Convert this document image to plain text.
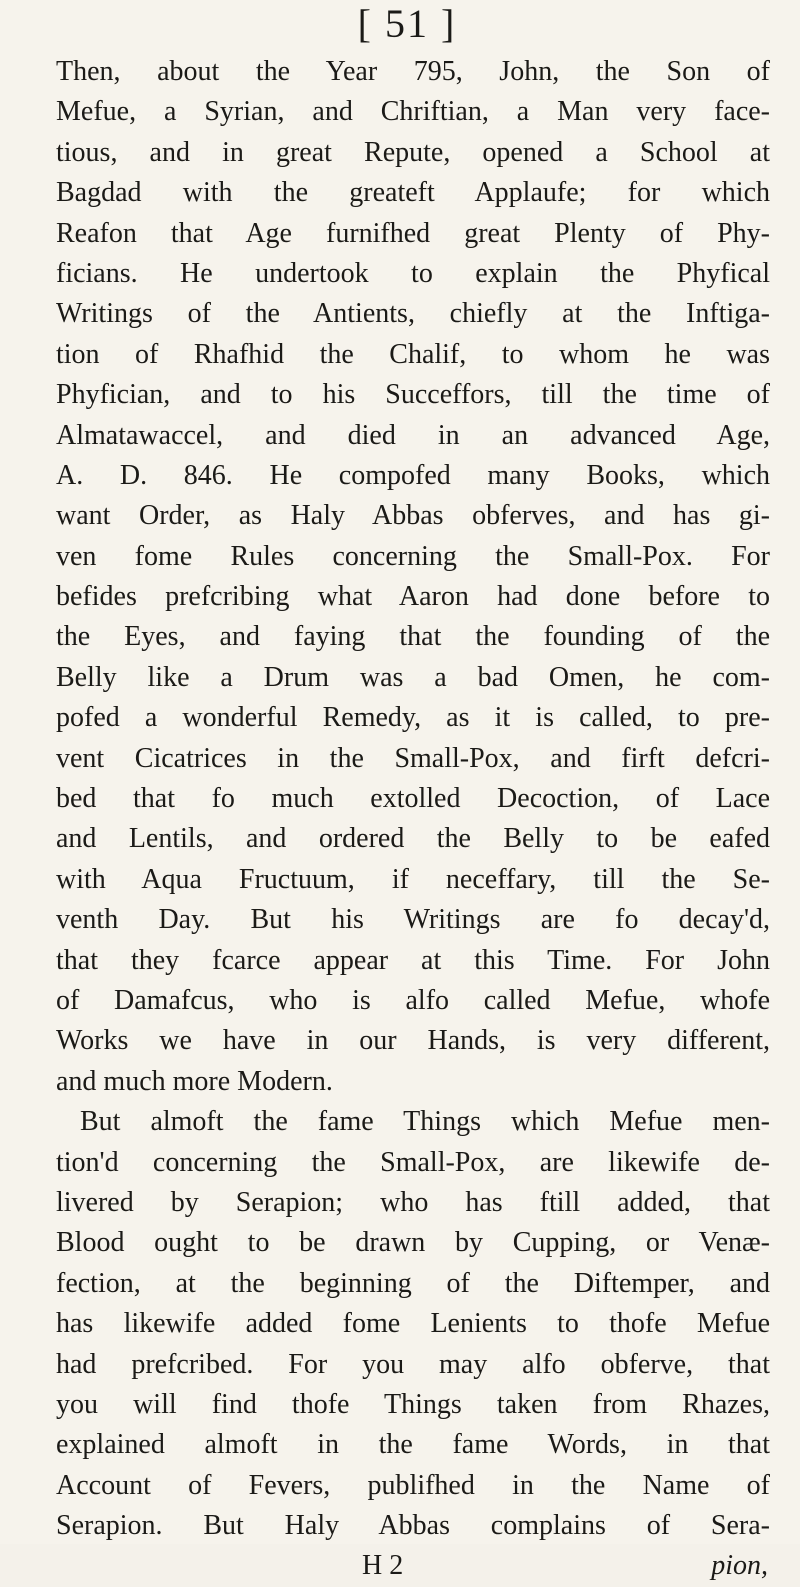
[ 51 ]
Then, about the Year 795, John, the Son of
Mefue, a Syrian, and Chriftian, a Man very face-
tious, and in great Repute, opened a School at
Bagdad with the greateft Applaufe; for which
Reafon that Age furnifhed great Plenty of Phy-
ficians. He undertook to explain the Phyfical
Writings of the Antients, chiefly at the Inftiga-
tion of Rhafhid the Chalif, to whom he was
Phyfician, and to his Succeffors, till the time of
Almatawaccel, and died in an advanced Age,
A. D. 846. He compofed many Books, which
want Order, as Haly Abbas obferves, and has gi-
ven fome Rules concerning the Small-Pox. For
befides prefcribing what Aaron had done before to
the Eyes, and faying that the founding of the
Belly like a Drum was a bad Omen, he com-
pofed a wonderful Remedy, as it is called, to pre-
vent Cicatrices in the Small-Pox, and firft defcri-
bed that fo much extolled Decoction, of Lace
and Lentils, and ordered the Belly to be eafed
with Aqua Fructuum, if neceffary, till the Se-
venth Day. But his Writings are fo decay'd,
that they fcarce appear at this Time. For John
of Damafcus, who is alfo called Mefue, whofe
Works we have in our Hands, is very different,
and much more Modern.
But almoft the fame Things which Mefue men-
tion'd concerning the Small-Pox, are likewife de-
livered by Serapion; who has ftill added, that
Blood ought to be drawn by Cupping, or Venæ-
fection, at the beginning of the Diftemper, and
has likewife added fome Lenients to thofe Mefue
had prefcribed. For you may alfo obferve, that
you will find thofe Things taken from Rhazes,
explained almoft in the fame Words, in that
Account of Fevers, publifhed in the Name of
Serapion. But Haly Abbas complains of Sera-
H 2	pion,
